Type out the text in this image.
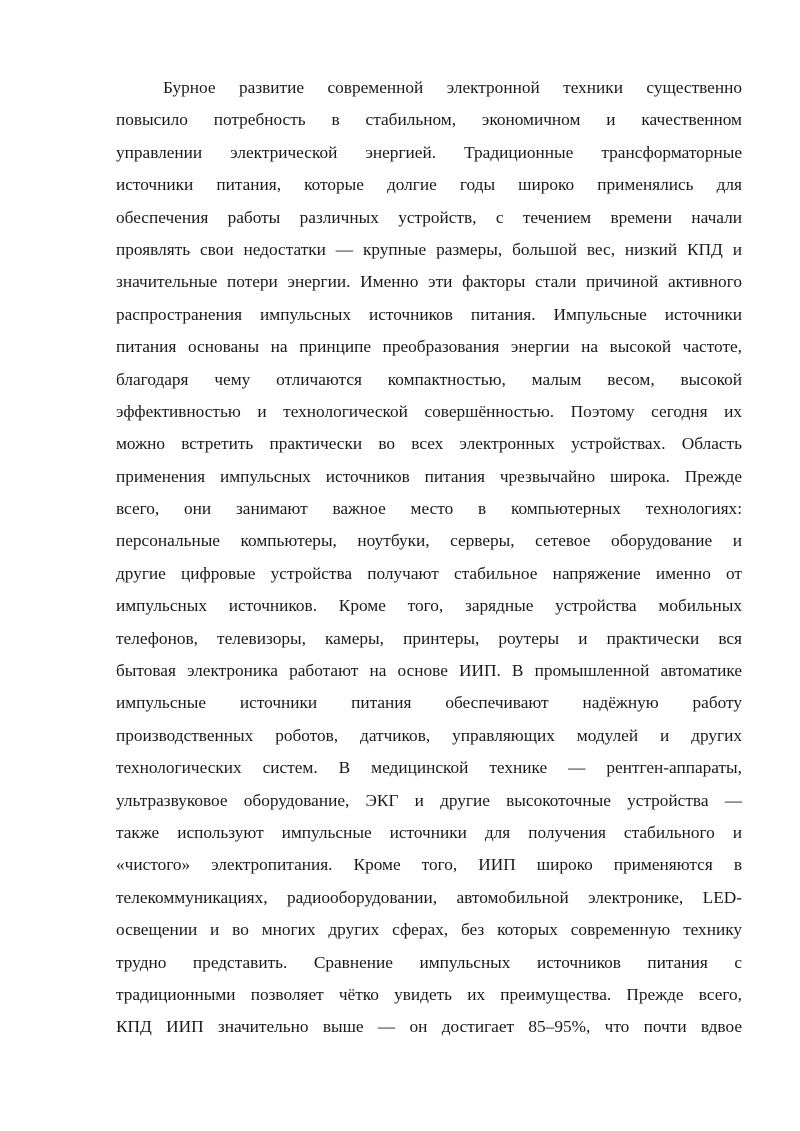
Бурное развитие современной электронной техники существенно
повысило потребность в стабильном, экономичном и качественном
управлении электрической энергией. Традиционные трансформаторные
источники питания, которые долгие годы широко применялись для
обеспечения работы различных устройств, с течением времени начали
проявлять свои недостатки — крупные размеры, большой вес, низкий КПД и
значительные потери энергии. Именно эти факторы стали причиной активного
распространения импульсных источников питания. Импульсные источники
питания основаны на принципе преобразования энергии на высокой частоте,
благодаря чему отличаются компактностью, малым весом, высокой
эффективностью и технологической совершённостью. Поэтому сегодня их
можно встретить практически во всех электронных устройствах. Область
применения импульсных источников питания чрезвычайно широка. Прежде
всего, они занимают важное место в компьютерных технологиях:
персональные компьютеры, ноутбуки, серверы, сетевое оборудование и
другие цифровые устройства получают стабильное напряжение именно от
импульсных источников. Кроме того, зарядные устройства мобильных
телефонов, телевизоры, камеры, принтеры, роутеры и практически вся
бытовая электроника работают на основе ИИП. В промышленной автоматике
импульсные источники питания обеспечивают надёжную работу
производственных роботов, датчиков, управляющих модулей и других
технологических систем. В медицинской технике — рентген-аппараты,
ультразвуковое оборудование, ЭКГ и другие высокоточные устройства —
также используют импульсные источники для получения стабильного и
«чистого» электропитания. Кроме того, ИИП широко применяются в
телекоммуникациях, радиооборудовании, автомобильной электронике, LED-
освещении и во многих других сферах, без которых современную технику
трудно представить. Сравнение импульсных источников питания с
традиционными позволяет чётко увидеть их преимущества. Прежде всего,
КПД ИИП значительно выше — он достигает 85–95%, что почти вдвое
